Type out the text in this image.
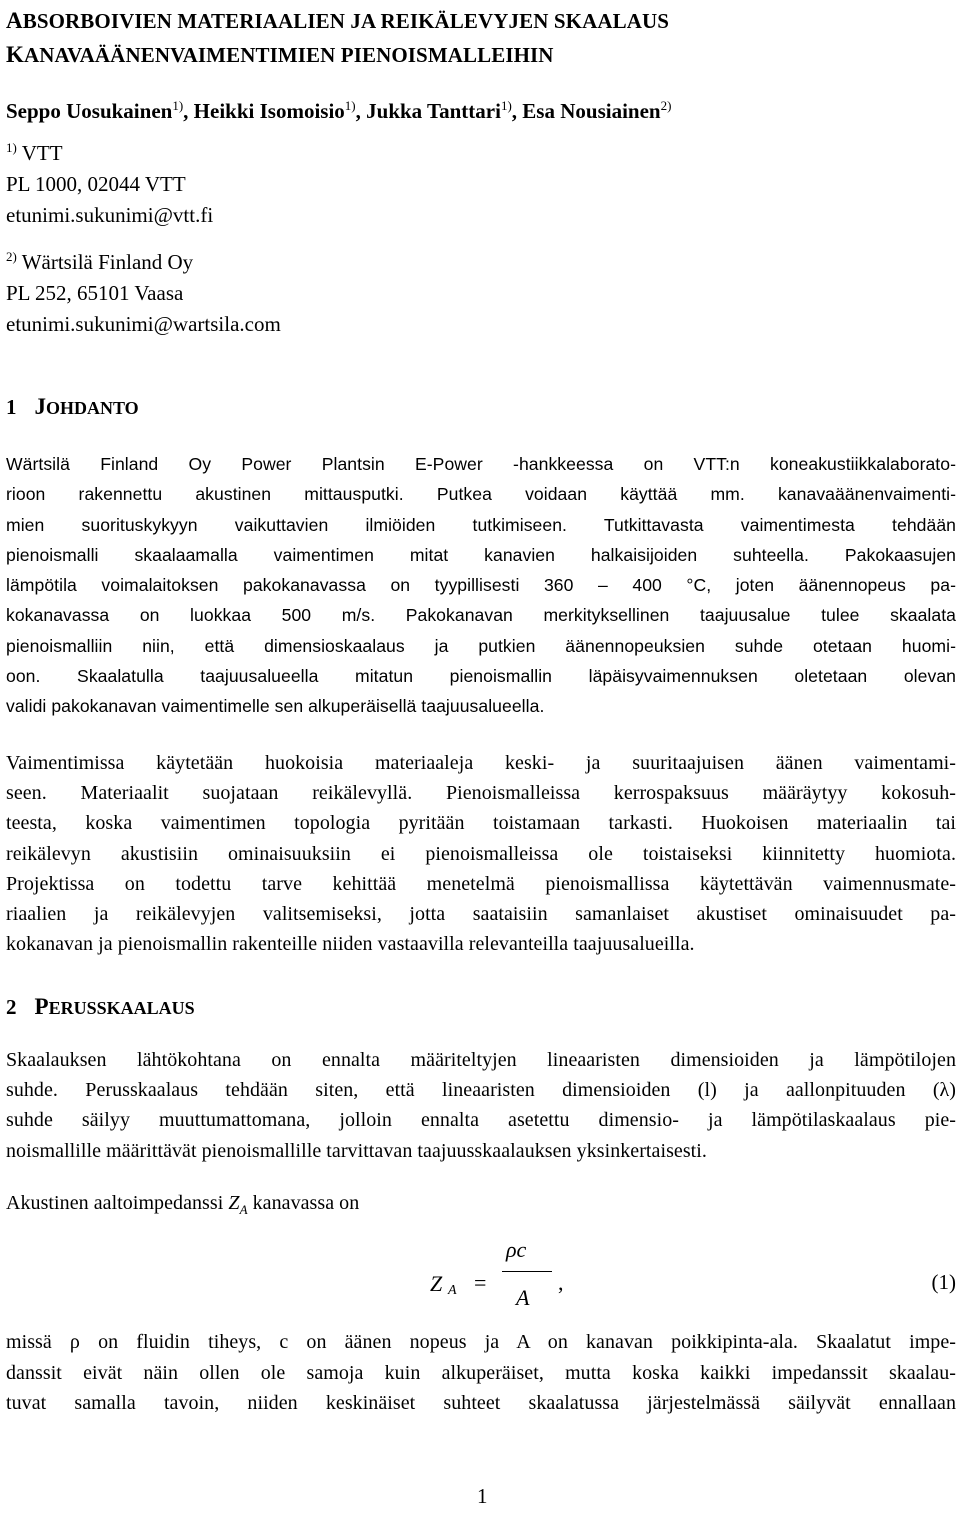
ABSORBOIVIEN MATERIAALIEN JA REIKÄLEVYJEN SKAALAUS
KANAVAÄÄNENVAIMENTIMIEN PIENOISMALLEIHIN
Seppo Uosukainen$^{1)}$, Heikki Isomoisio$^{1)}$, Jukka Tanttari$^{1)}$, Esa Nousiainen$^{2)}$
$^{1)}$ VTT
PL 1000, 02044 VTT
etunimi.sukunimi@vtt.fi
$^{2)}$ Wärtsilä Finland Oy
PL 252, 65101 Vaasa
etunimi.sukunimi@wartsila.com
1 JOHDANTO
Wärtsilä Finland Oy Power Plantsin E-Power -hankkeessa on VTT:n koneakustiikkalaborato-
rioon rakennettu akustinen mittausputki. Putkea voidaan käyttää mm. kanavaäänenvaimenti-
mien suorituskykyyn vaikuttavien ilmiöiden tutkimiseen. Tutkittavasta vaimentimesta tehdään
pienoismalli skaalaamalla vaimentimen mitat kanavien halkaisijoiden suhteella. Pakokaasujen
lämpötila voimalaitoksen pakokanavassa on tyypillisesti 360 – 400 °C, joten äänennopeus pa-
kokanavassa on luokkaa 500 m/s. Pakokanavan merkityksellinen taajuusalue tulee skaalata
pienoismalliin niin, että dimensioskaalaus ja putkien äänennopeuksien suhde otetaan huomi-
oon. Skaalatulla taajuusalueella mitatun pienoismallin läpäisyvaimennuksen oletetaan olevan
validi pakokanavan vaimentimelle sen alkuperäisellä taajuusalueella.
Vaimentimissa käytetään huokoisia materiaaleja keski- ja suuritaajuisen äänen vaimentami-
seen. Materiaalit suojataan reikälevyllä. Pienoismalleissa kerrospaksuus määräytyy kokosuh-
teesta, koska vaimentimen topologia pyritään toistamaan tarkasti. Huokoisen materiaalin tai
reikälevyn akustisiin ominaisuuksiin ei pienoismalleissa ole toistaiseksi kiinnitetty huomiota.
Projektissa on todettu tarve kehittää menetelmä pienoismallissa käytettävän vaimennusmate-
riaalien ja reikälevyjen valitsemiseksi, jotta saataisiin samanlaiset akustiset ominaisuudet pa-
kokanavan ja pienoismallin rakenteille niiden vastaavilla relevanteilla taajuusalueilla.
2 PERUSSKAALAUS
Skaalauksen lähtökohtana on ennalta määriteltyjen lineaaristen dimensioiden ja lämpötilojen
suhde. Perusskaalaus tehdään siten, että lineaaristen dimensioiden (l) ja aallonpituuden (λ)
suhde säilyy muuttumattomana, jolloin ennalta asetettu dimensio- ja lämpötilaskaalaus pie-
noismallille määrittävät pienoismallille tarvittavan taajuusskaalauksen yksinkertaisesti.
Akustinen aaltoimpedanssi $Z_A$ kanavassa on
Z A =
ρc
A
,	(1)
missä ρ on fluidin tiheys, c on äänen nopeus ja A on kanavan poikkipinta-ala. Skaalatut impe-
danssit eivät näin ollen ole samoja kuin alkuperäiset, mutta koska kaikki impedanssit skaalau-
tuvat samalla tavoin, niiden keskinäiset suhteet skaalatussa järjestelmässä säilyvät ennallaan
1
